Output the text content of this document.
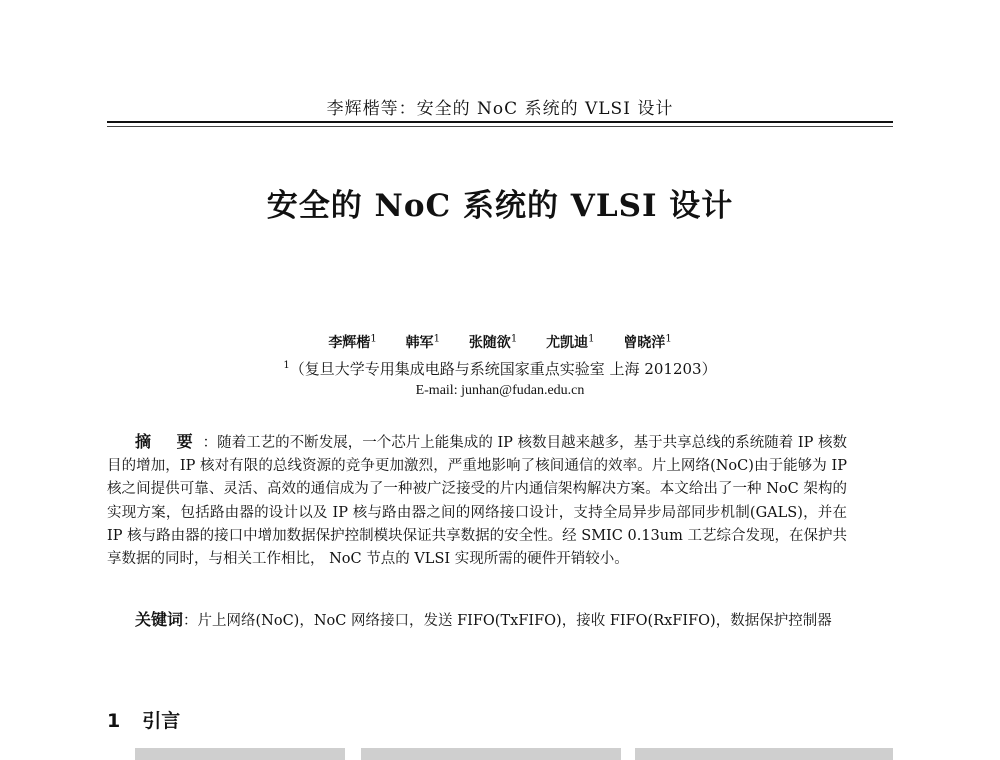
李辉楷等：安全的 NoC 系统的 VLSI 设计
安全的 NoC 系统的 VLSI 设计
李辉楷$^1$ 韩军$^1$ 张随欲$^1$ 尤凯迪$^1$ 曾晓洋$^1$
$^1$（复旦大学专用集成电路与系统国家重点实验室 上海 201203）
E-mail: junhan@fudan.edu.cn
摘 要：随着工艺的不断发展，一个芯片上能集成的 IP 核数目越来越多，基于共享总线的系统随着 IP 核数目的增加，IP 核对有限的总线资源的竞争更加激烈，严重地影响了核间通信的效率。片上网络(NoC)由于能够为 IP 核之间提供可靠、灵活、高效的通信成为了一种被广泛接受的片内通信架构解决方案。本文给出了一种 NoC 架构的实现方案，包括路由器的设计以及 IP 核与路由器之间的网络接口设计，支持全局异步局部同步机制(GALS)，并在 IP 核与路由器的接口中增加数据保护控制模块保证共享数据的安全性。经 SMIC 0.13um 工艺综合发现，在保护共享数据的同时，与相关工作相比， NoC 节点的 VLSI 实现所需的硬件开销较小。
关键词：片上网络(NoC)，NoC 网络接口，发送 FIFO(TxFIFO)，接收 FIFO(RxFIFO)，数据保护控制器
1 引言
